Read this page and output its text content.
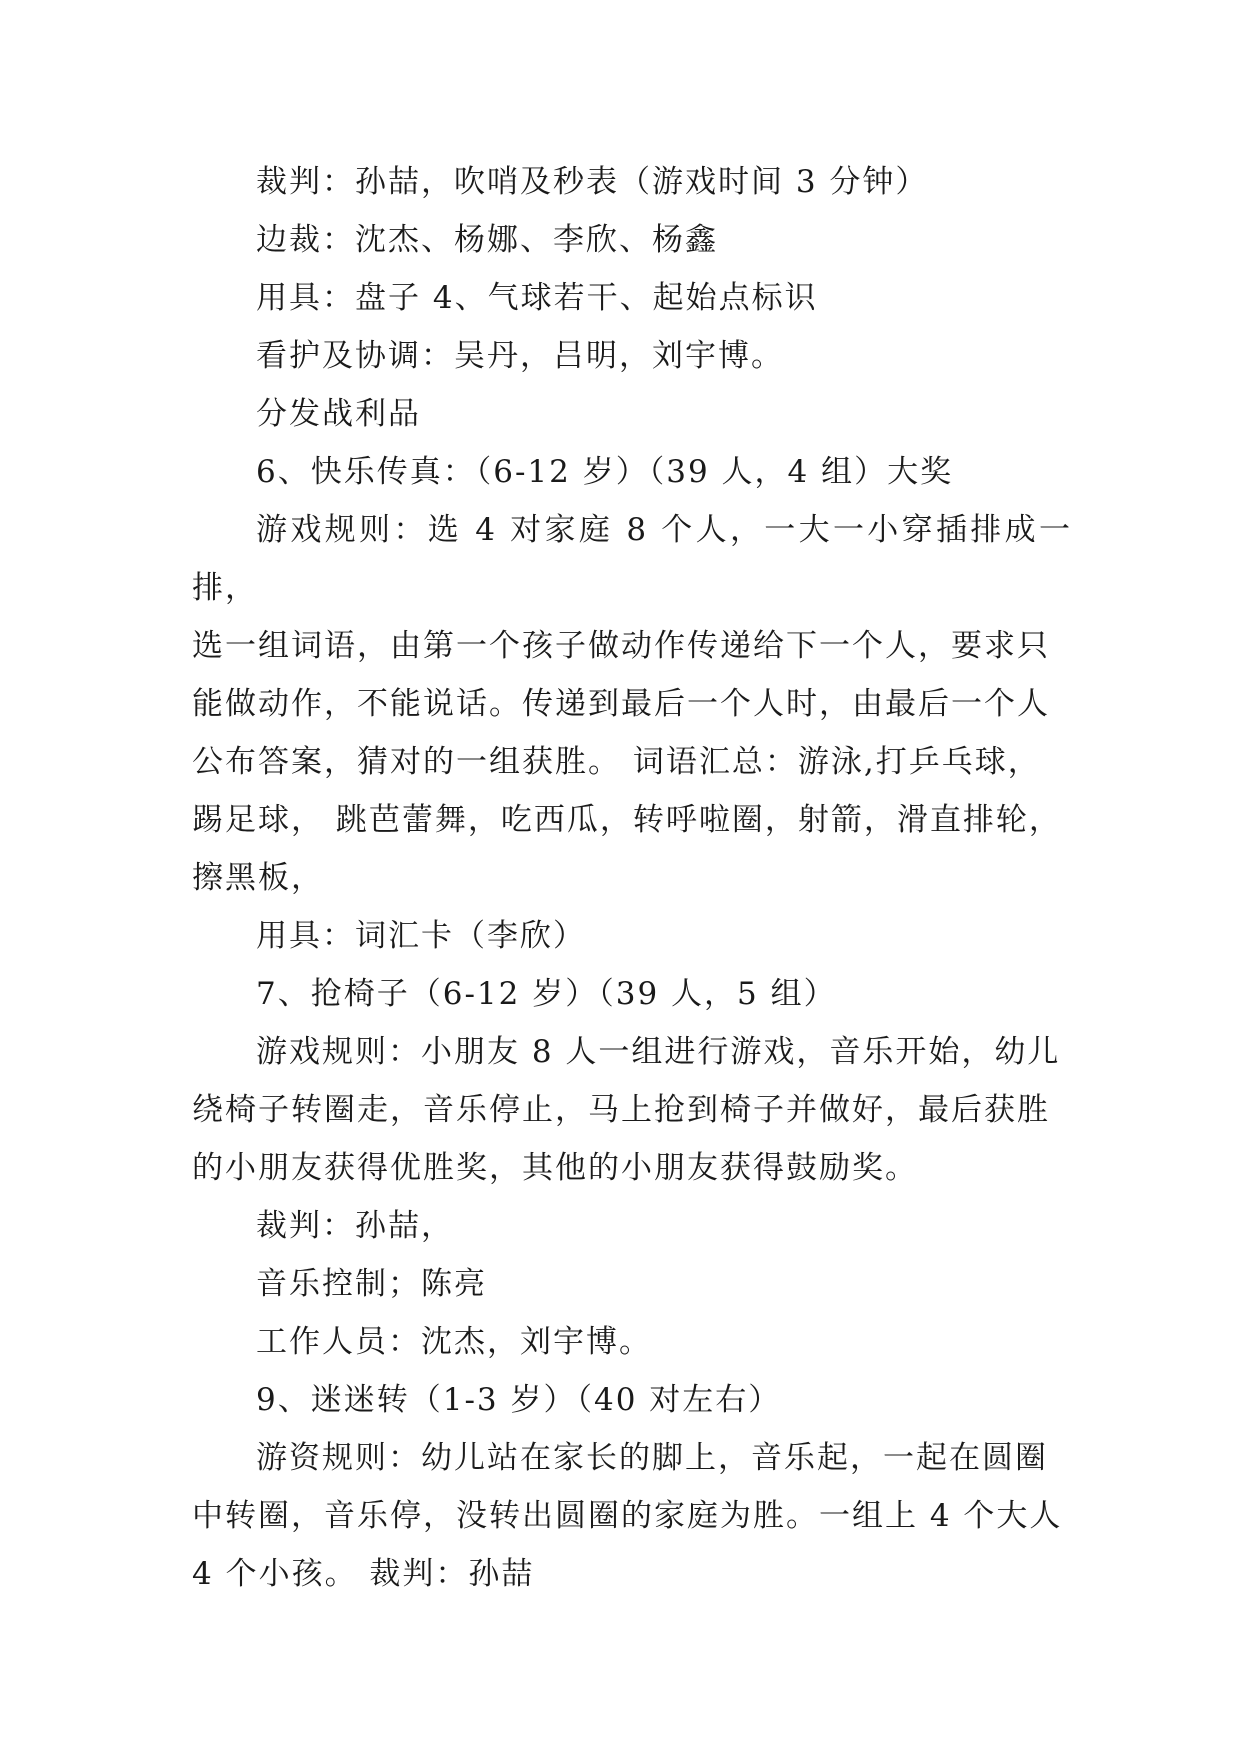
裁判：孙喆，吹哨及秒表（游戏时间 3 分钟）
边裁：沈杰、杨娜、李欣、杨鑫
用具：盘子 4、气球若干、起始点标识
看护及协调：吴丹，吕明，刘宇博。
分发战利品
6、快乐传真：（6-12 岁）（39 人，4 组）大奖
游戏规则：选 4 对家庭 8 个人，一大一小穿插排成一排，
选一组词语，由第一个孩子做动作传递给下一个人，要求只
能做动作，不能说话。传递到最后一个人时，由最后一个人
公布答案，猜对的一组获胜。 词语汇总：游泳,打乒乓球，
踢足球， 跳芭蕾舞，吃西瓜，转呼啦圈，射箭，滑直排轮，
擦黑板，
用具：词汇卡（李欣）
7、抢椅子（6-12 岁）（39 人，5 组）
游戏规则：小朋友 8 人一组进行游戏，音乐开始，幼儿
绕椅子转圈走，音乐停止，马上抢到椅子并做好，最后获胜
的小朋友获得优胜奖，其他的小朋友获得鼓励奖。
裁判：孙喆，
音乐控制；陈亮
工作人员：沈杰，刘宇博。
9、迷迷转（1-3 岁）（40 对左右）
游资规则：幼儿站在家长的脚上，音乐起，一起在圆圈
中转圈，音乐停，没转出圆圈的家庭为胜。一组上 4 个大人
4 个小孩。 裁判：孙喆
